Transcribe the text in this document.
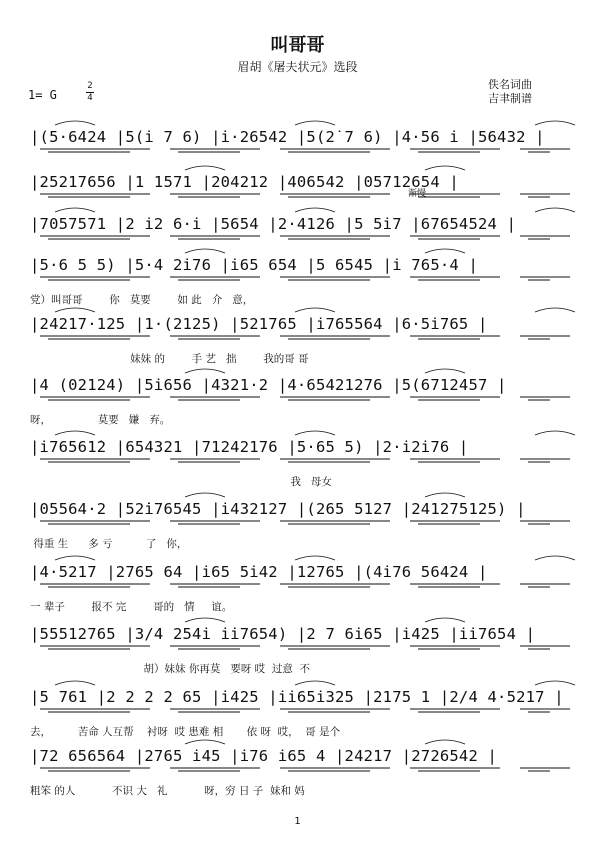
叫哥哥
眉胡《屠夫状元》选段
1= G
2
4
佚名词曲
吉聿制谱
渐慢
|(5·6424 |5(i̇ 7 6) |i̇·26542 |5(2̇ 7 6) |4·56 i̇ |56432 |
|25217656 |1 1571 |204212 |406542 |05712654 |
|7057571 |2 i̇2 6·i̇ |5654 |2·4126 |5 5i̇7 |67654524 |
|5·6 5 5) |5·4 2i̇76 |i̇65 654 |5 6545 |i̇ 765·4 |
党）叫哥哥        你   莫要        如 此   介   意，
|24217·125 |1·(2125) |521765 |i̇765564 |6·5i̇765 |
妹妹 的        手 艺   拙        我的哥 哥
|4 (02124) |5i̇656 |4321·2 |4·65421276 |5(6712457 |
呀，              莫要   嫌   弃。
|i̇76561̇2 |654321 |71242176 |5·65 5) |2·i̇2i̇76 |
我   母女
|05564·2 |52̇i̇76545 |i̇432127 |(265 5127 |241275125) |
得重 生      多 亏          了   你，
|4·5217 |2765 64 |i̇65 5i̇42 |12765 |(4i̇76 56424 |
一 辈子        报不 完        哥的   情     谊。
|55512765 |3/4 254i̇ i̇i̇7654) |2 7 6i̇65 |i̇425 |i̇i̇7654 |
胡）妹妹 你再莫   要呀 哎  过意  不
|5 761 |2 2 2 2 65 |i̇425 |i̇i̇65i̇325 |2175 1 |2/4 4·5217 |
去，        苦命 人互帮    衬呀  哎 患难 相       依 呀  哎，  哥 是个
|72 656564 |2765 i̇45 |i̇76 i̇65 4 |24217 |2726542 |
粗笨 的人           不识 大   礼           呀，穷 日 子  妹和 妈
1
